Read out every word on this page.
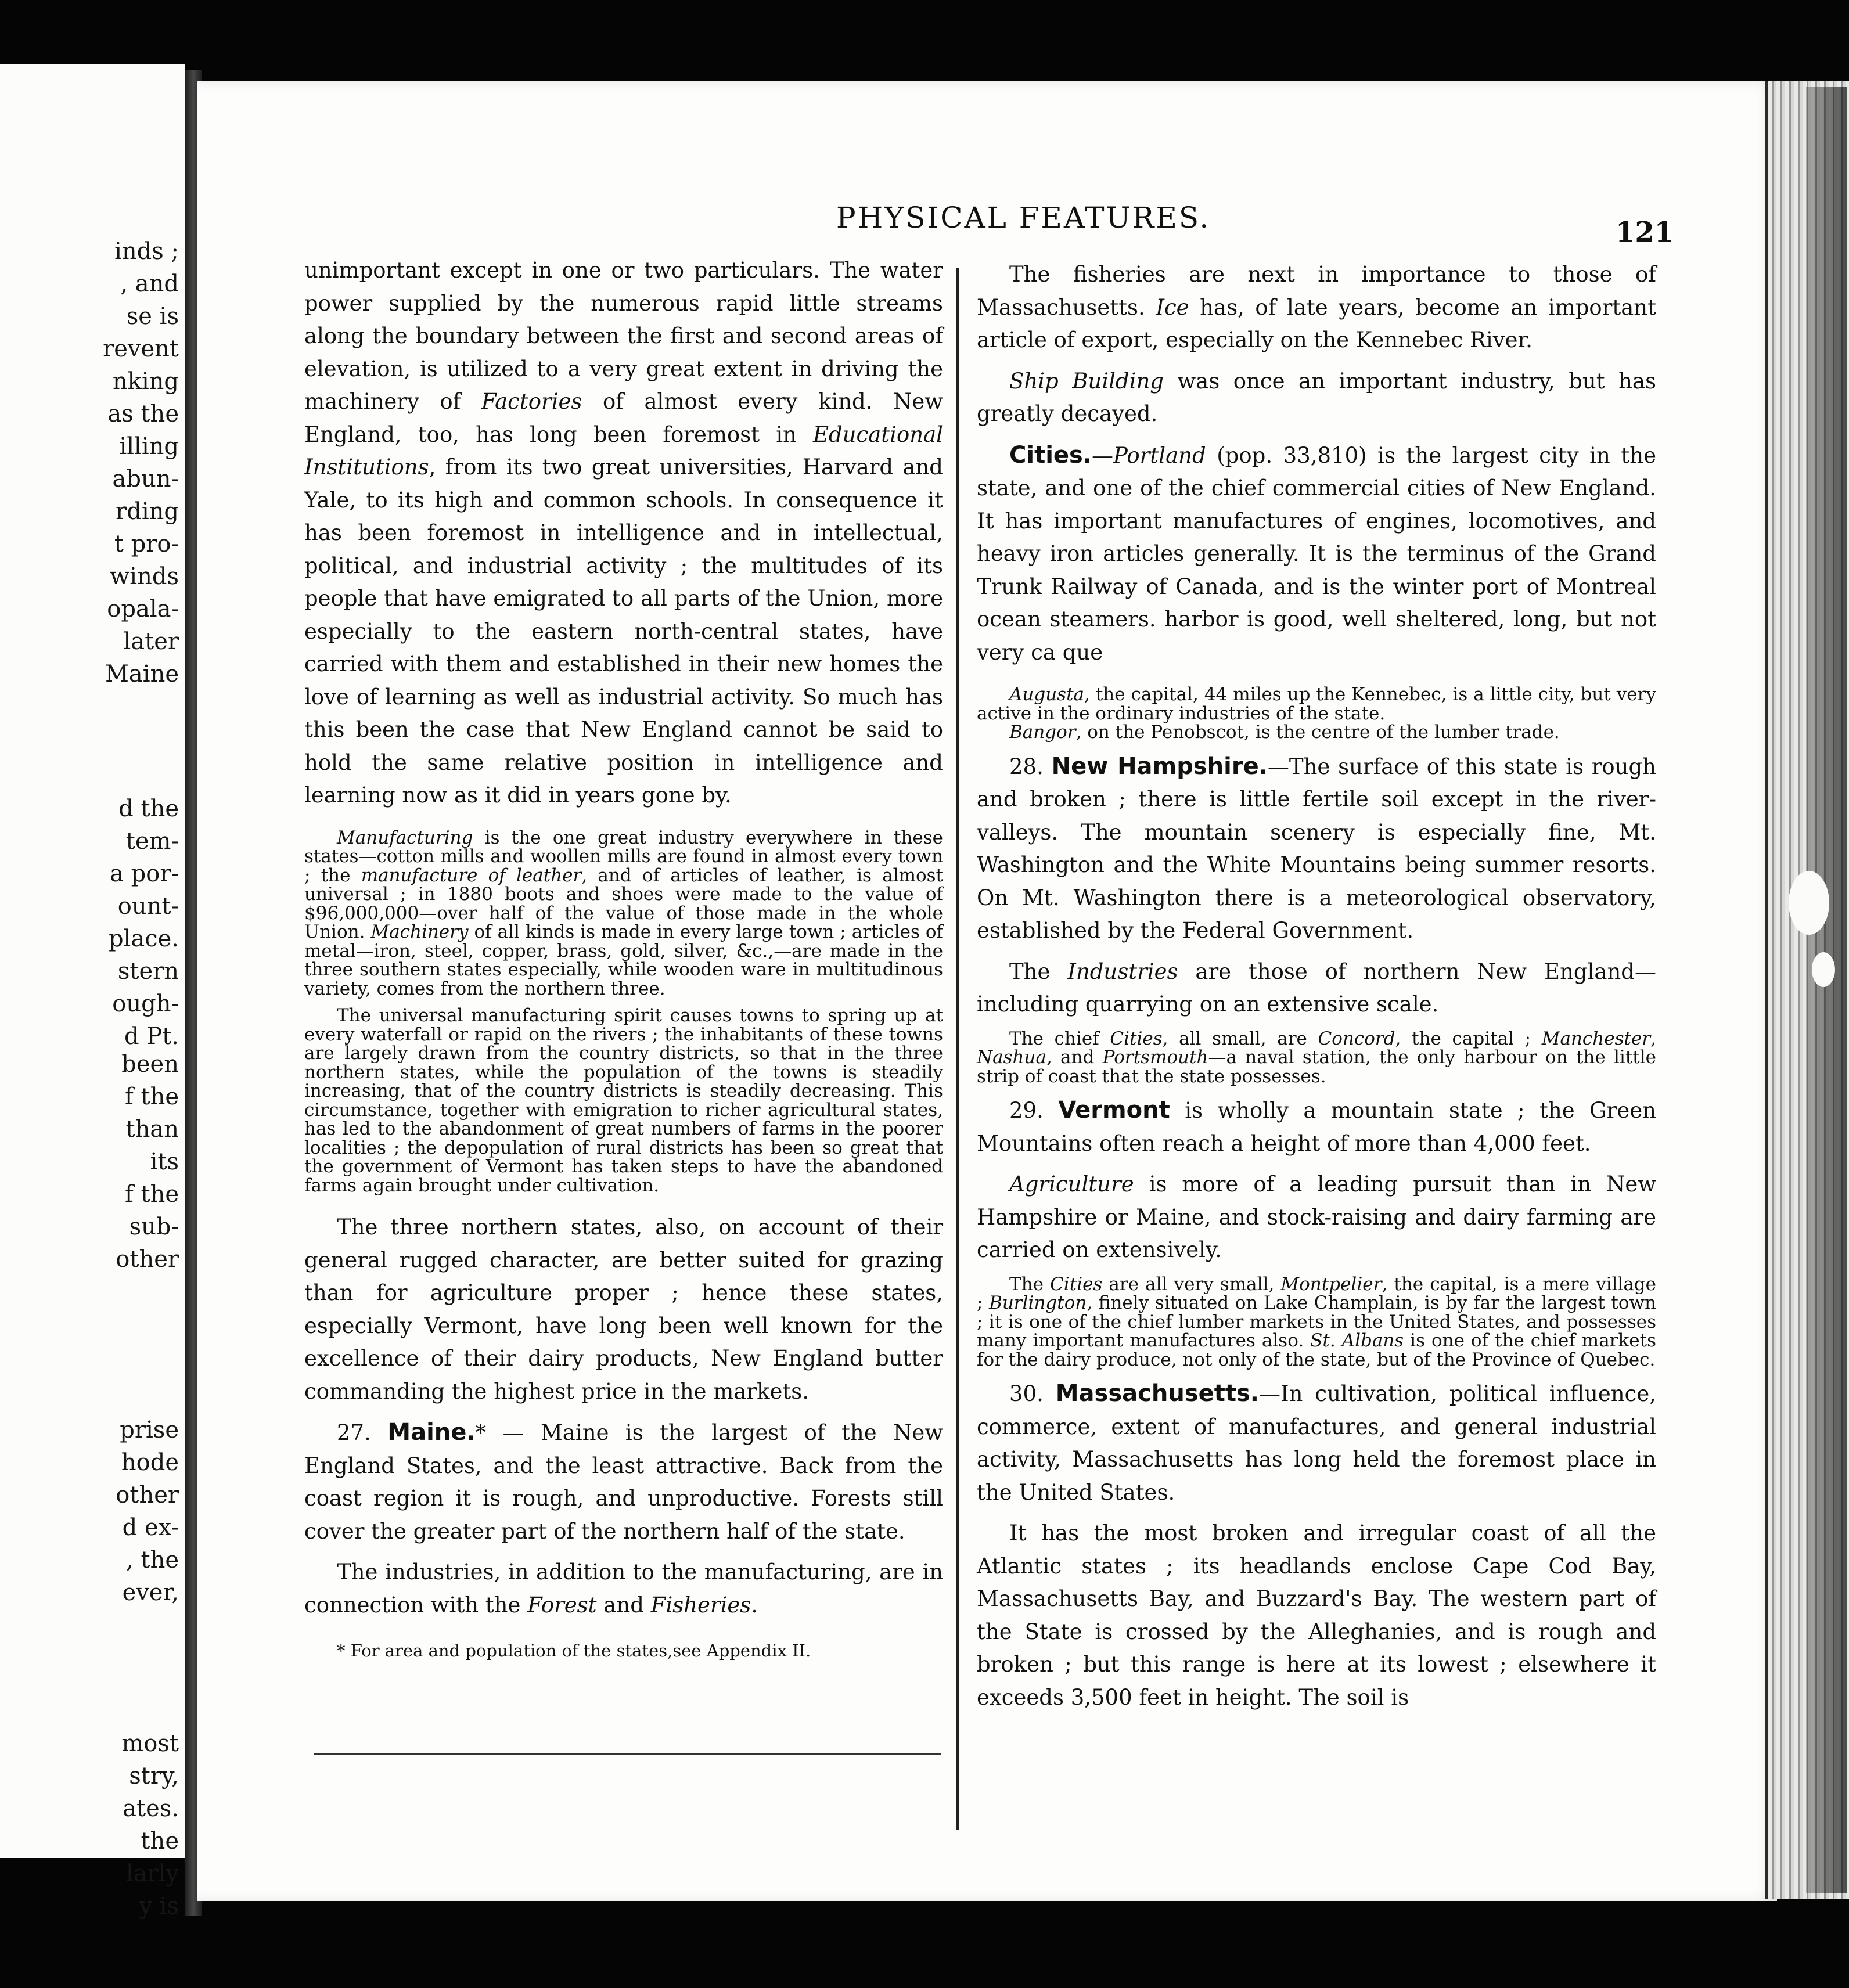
inds ;
, and
se is
revent
nking
as the
illing
abun-
rding
t pro-
winds
opala-
later
Maine
d the
tem-
a por-
ount-
place.
stern
ough-
d Pt.
been
f the
than
its
f the
sub-
other
prise
hode
other
d ex-
, the
ever,
most
stry,
ates.
the
larly
y is
PHYSICAL FEATURES.	121

unimportant except in one or two particulars. The water power supplied by the numerous rapid little streams along the boundary between the first and second areas of elevation, is utilized to a very great extent in driving the machinery of Factories of almost every kind. New England, too, has long been foremost in Educational Institutions, from its two great universities, Harvard and Yale, to its high and common schools. In consequence it has been foremost in intelligence and in intellectual, political, and industrial activity ; the multitudes of its people that have emigrated to all parts of the Union, more especially to the eastern north-central states, have carried with them and established in their new homes the love of learning as well as industrial activity. So much has this been the case that New England cannot be said to hold the same relative position in intelligence and learning now as it did in years gone by.

Manufacturing is the one great industry everywhere in these states—cotton mills and woollen mills are found in almost every town ; the manufacture of leather, and of articles of leather, is almost universal ; in 1880 boots and shoes were made to the value of $96,000,000—over half of the value of those made in the whole Union. Machinery of all kinds is made in every large town ; articles of metal—iron, steel, copper, brass, gold, silver, &c.,—are made in the three southern states especially, while wooden ware in multitudinous variety, comes from the northern three.

The universal manufacturing spirit causes towns to spring up at every waterfall or rapid on the rivers ; the inhabitants of these towns are largely drawn from the country districts, so that in the three northern states, while the population of the towns is steadily increasing, that of the country districts is steadily decreasing. This circumstance, together with emigration to richer agricultural states, has led to the abandonment of great numbers of farms in the poorer localities ; the depopulation of rural districts has been so great that the government of Vermont has taken steps to have the abandoned farms again brought under cultivation.

The three northern states, also, on account of their general rugged character, are better suited for grazing than for agriculture proper ; hence these states, especially Vermont, have long been well known for the excellence of their dairy products, New England butter commanding the highest price in the markets.

27. Maine.* — Maine is the largest of the New England States, and the least attractive. Back from the coast region it is rough, and unproductive. Forests still cover the greater part of the northern half of the state.

The industries, in addition to the manufacturing, are in connection with the Forest and Fisheries.

* For area and population of the states,see Appendix II.

The fisheries are next in importance to those of Massachusetts. Ice has, of late years, become an important article of export, especially on the Kennebec River.

Ship Building was once an important industry, but has greatly decayed.

Cities.—Portland (pop. 33,810) is the largest city in the state, and one of the chief commercial cities of New England. It has important manufactures of engines, locomotives, and heavy iron articles generally. It is the terminus of the Grand Trunk Railway of Canada, and is the winter port of Montreal ocean steamers. harbor is good, well sheltered, long, but not very ca que

Augusta, the capital, 44 miles up the Kennebec, is a little city, but very active in the ordinary industries of the state.

Bangor, on the Penobscot, is the centre of the lumber trade.

28. New Hampshire.—The surface of this state is rough and broken ; there is little fertile soil except in the river-valleys. The mountain scenery is especially fine, Mt. Washington and the White Mountains being summer resorts. On Mt. Washington there is a meteorological observatory, established by the Federal Government.

The Industries are those of northern New England—including quarrying on an extensive scale.

The chief Cities, all small, are Concord, the capital ; Manchester, Nashua, and Portsmouth—a naval station, the only harbour on the little strip of coast that the state possesses.

29. Vermont is wholly a mountain state ; the Green Mountains often reach a height of more than 4,000 feet.

Agriculture is more of a leading pursuit than in New Hampshire or Maine, and stock-raising and dairy farming are carried on extensively.

The Cities are all very small, Montpelier, the capital, is a mere village ; Burlington, finely situated on Lake Champlain, is by far the largest town ; it is one of the chief lumber markets in the United States, and possesses many important manufactures also. St. Albans is one of the chief markets for the dairy produce, not only of the state, but of the Province of Quebec.

30. Massachusetts.—In cultivation, political influence, commerce, extent of manufactures, and general industrial activity, Massachusetts has long held the foremost place in the United States.

It has the most broken and irregular coast of all the Atlantic states ; its headlands enclose Cape Cod Bay, Massachusetts Bay, and Buzzard's Bay. The western part of the State is crossed by the Alleghanies, and is rough and broken ; but this range is here at its lowest ; elsewhere it exceeds 3,500 feet in height. The soil is
